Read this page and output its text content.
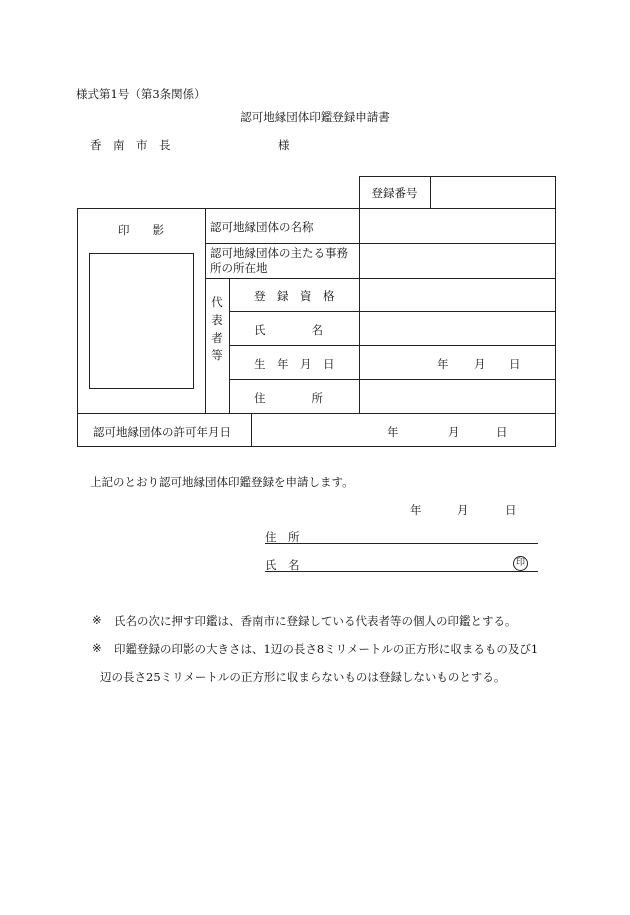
様式第1号（第3条関係）
認可地縁団体印鑑登録申請書
香　南　市　長	様
登録番号
印　　影	認可地縁団体の名称
認可地縁団体の主たる事務所の所在地
代
表
者
等
登　録　資　格
氏　　　　名
生　年　月　日	年 月 日
住　　　　所
認可地縁団体の許可年月日	年	月	日
上記のとおり認可地縁団体印鑑登録を申請します。
年	月	日
住　所
氏　名	印
※ 氏名の次に押す印鑑は、香南市に登録している代表者等の個人の印鑑とする。
※ 印鑑登録の印影の大きさは、1辺の長さ8ミリメートルの正方形に収まるもの及び1
辺の長さ25ミリメートルの正方形に収まらないものは登録しないものとする。
